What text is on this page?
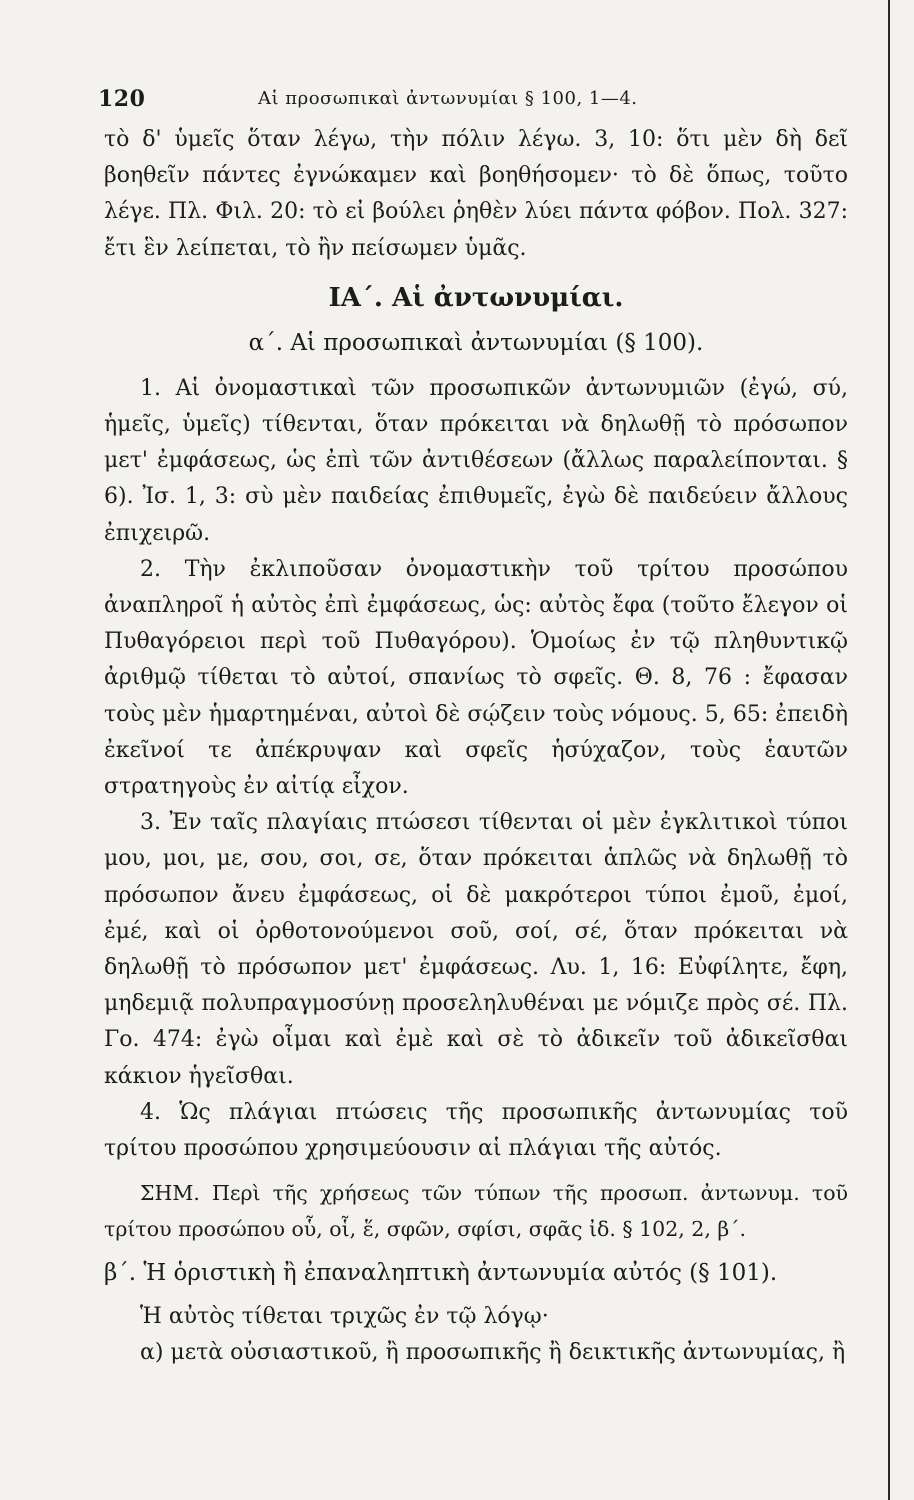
120	Αἱ προσωπικαὶ ἀντωνυμίαι § 100, 1—4.

τὸ δ' ὑμεῖς ὅταν λέγω, τὴν πόλιν λέγω. 3, 10: ὅτι μὲν δὴ δεῖ βοηθεῖν πάντες ἐγνώκαμεν καὶ βοηθήσομεν· τὸ δὲ ὅπως, τοῦτο λέγε. Πλ. Φιλ. 20: τὸ εἰ βούλει ῥηθὲν λύει πάντα φόβον. Πολ. 327: ἔτι ἓν λείπεται, τὸ ἢν πείσωμεν ὑμᾶς.

ΙΑ΄. Αἱ ἀντωνυμίαι.
α΄. Αἱ προσωπικαὶ ἀντωνυμίαι (§ 100).

1. Αἱ ὀνομαστικαὶ τῶν προσωπικῶν ἀντωνυμιῶν (ἐγώ, σύ, ἡμεῖς, ὑμεῖς) τίθενται, ὅταν πρόκειται νὰ δηλωθῇ τὸ πρόσωπον μετ' ἐμφάσεως, ὡς ἐπὶ τῶν ἀντιθέσεων (ἄλλως παραλείπονται. § 6). Ἰσ. 1, 3: σὺ μὲν παιδείας ἐπιθυμεῖς, ἐγὼ δὲ παιδεύειν ἄλλους ἐπιχειρῶ.

2. Τὴν ἐκλιποῦσαν ὀνομαστικὴν τοῦ τρίτου προσώπου ἀναπληροῖ ἡ αὐτὸς ἐπὶ ἐμφάσεως, ὡς: αὐτὸς ἔφα (τοῦτο ἔλεγον οἱ Πυθαγόρειοι περὶ τοῦ Πυθαγόρου). Ὁμοίως ἐν τῷ πληθυντικῷ ἀριθμῷ τίθεται τὸ αὐτοί, σπανίως τὸ σφεῖς. Θ. 8, 76 : ἔφασαν τοὺς μὲν ἡμαρτημέναι, αὐτοὶ δὲ σῴζειν τοὺς νόμους. 5, 65: ἐπειδὴ ἐκεῖνοί τε ἀπέκρυψαν καὶ σφεῖς ἡσύχαζον, τοὺς ἑαυτῶν στρατηγοὺς ἐν αἰτίᾳ εἶχον.

3. Ἐν ταῖς πλαγίαις πτώσεσι τίθενται οἱ μὲν ἐγκλιτικοὶ τύποι μου, μοι, με, σου, σοι, σε, ὅταν πρόκειται ἁπλῶς νὰ δηλωθῇ τὸ πρόσωπον ἄνευ ἐμφάσεως, οἱ δὲ μακρότεροι τύποι ἐμοῦ, ἐμοί, ἐμέ, καὶ οἱ ὀρθοτονούμενοι σοῦ, σοί, σέ, ὅταν πρόκειται νὰ δηλωθῇ τὸ πρόσωπον μετ' ἐμφάσεως. Λυ. 1, 16: Εὐφίλητε, ἔφη, μηδεμιᾷ πολυπραγμοσύνῃ προσεληλυθέναι με νόμιζε πρὸς σέ. Πλ. Γο. 474: ἐγὼ οἶμαι καὶ ἐμὲ καὶ σὲ τὸ ἀδικεῖν τοῦ ἀδικεῖσθαι κάκιον ἡγεῖσθαι.

4. Ὡς πλάγιαι πτώσεις τῆς προσωπικῆς ἀντωνυμίας τοῦ τρίτου προσώπου χρησιμεύουσιν αἱ πλάγιαι τῆς αὐτός.

ΣΗΜ. Περὶ τῆς χρήσεως τῶν τύπων τῆς προσωπ. ἀντωνυμ. τοῦ τρίτου προσώπου οὗ, οἷ, ἕ, σφῶν, σφίσι, σφᾶς ἰδ. § 102, 2, β΄.

β΄. Ἡ ὁριστικὴ ἢ ἐπαναληπτικὴ ἀντωνυμία αὐτός (§ 101).

Ἡ αὐτὸς τίθεται τριχῶς ἐν τῷ λόγῳ·

α) μετὰ οὐσιαστικοῦ, ἢ προσωπικῆς ἢ δεικτικῆς ἀντωνυμίας, ἢ
